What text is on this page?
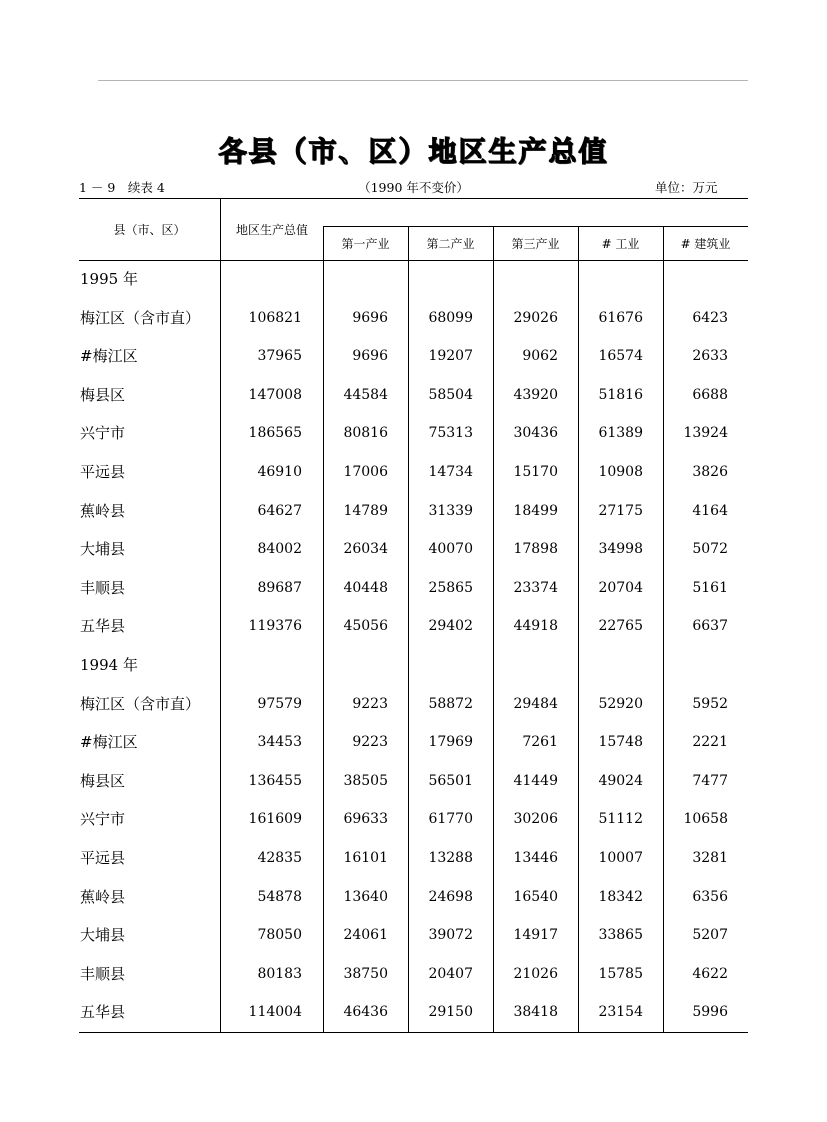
各县（市、区）地区生产总值
1 － 9　续表 4	（1990 年不变价）	单位：万元
县（市、区）	地区生产总值
第一产业	第二产业	第三产业	# 工业	# 建筑业
1995 年
梅江区（含市直）	106821	9696	68099	29026	61676	6423
#梅江区	37965	9696	19207	9062	16574	2633
梅县区	147008	44584	58504	43920	51816	6688
兴宁市	186565	80816	75313	30436	61389	13924
平远县	46910	17006	14734	15170	10908	3826
蕉岭县	64627	14789	31339	18499	27175	4164
大埔县	84002	26034	40070	17898	34998	5072
丰顺县	89687	40448	25865	23374	20704	5161
五华县	119376	45056	29402	44918	22765	6637
1994 年
梅江区（含市直）	97579	9223	58872	29484	52920	5952
#梅江区	34453	9223	17969	7261	15748	2221
梅县区	136455	38505	56501	41449	49024	7477
兴宁市	161609	69633	61770	30206	51112	10658
平远县	42835	16101	13288	13446	10007	3281
蕉岭县	54878	13640	24698	16540	18342	6356
大埔县	78050	24061	39072	14917	33865	5207
丰顺县	80183	38750	20407	21026	15785	4622
五华县	114004	46436	29150	38418	23154	5996
